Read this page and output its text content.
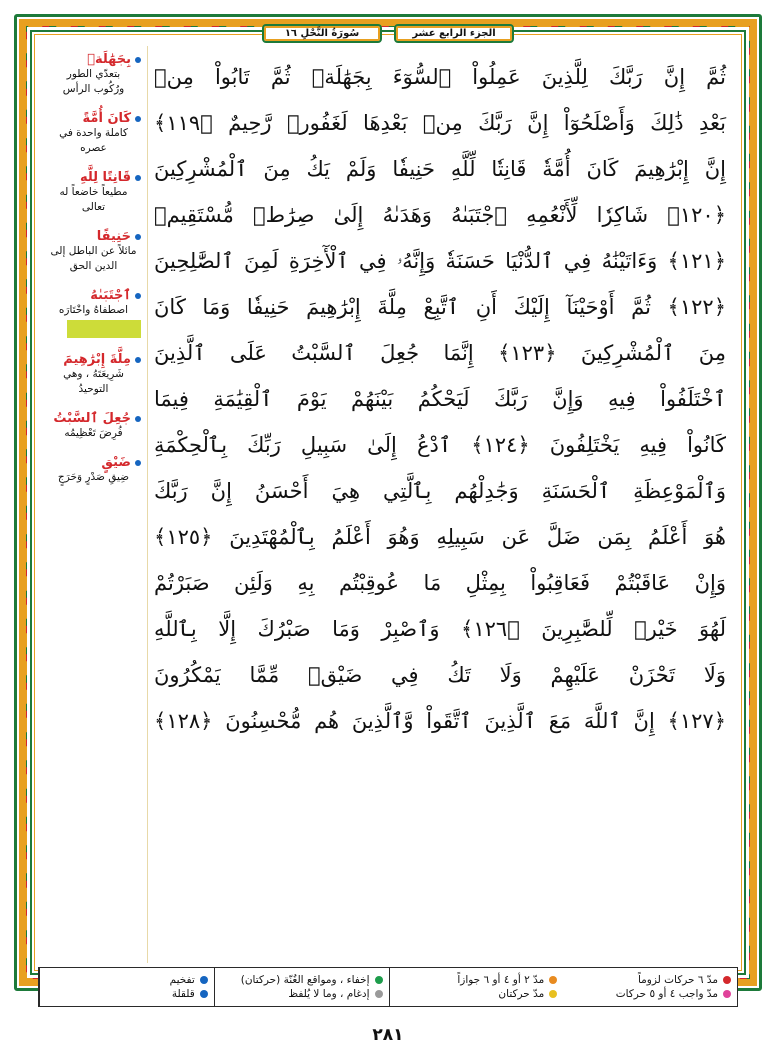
الجزء الرابع عشر
سُورَةُ النَّحْلِ ١٦
ثُمَّ إِنَّ رَبَّكَ لِلَّذِينَ عَمِلُواْ ٱلسُّوٓءَ بِجَهَٰلَةٖ ثُمَّ تَابُواْ مِنۢ
بَعْدِ ذَٰلِكَ وَأَصْلَحُوٓاْ إِنَّ رَبَّكَ مِنۢ بَعْدِهَا لَغَفُورٞ رَّحِيمٌ ﴿١١٩﴾
إِنَّ إِبْرَٰهِيمَ كَانَ أُمَّةٗ قَانِتٗا لِّلَّهِ حَنِيفٗا وَلَمْ يَكُ مِنَ ٱلْمُشْرِكِينَ
﴿١٢٠﴾ شَاكِرٗا لِّأَنْعُمِهِ ٱجْتَبَىٰهُ وَهَدَىٰهُ إِلَىٰ صِرَٰطٖ مُّسْتَقِيمٖ
﴿١٢١﴾ وَءَاتَيْنَٰهُ فِي ٱلدُّنْيَا حَسَنَةٗ وَإِنَّهُۥ فِي ٱلْأٓخِرَةِ لَمِنَ ٱلصَّٰلِحِينَ
﴿١٢٢﴾ ثُمَّ أَوْحَيْنَآ إِلَيْكَ أَنِ ٱتَّبِعْ مِلَّةَ إِبْرَٰهِيمَ حَنِيفٗا وَمَا كَانَ
مِنَ ٱلْمُشْرِكِينَ ﴿١٢٣﴾ إِنَّمَا جُعِلَ ٱلسَّبْتُ عَلَى ٱلَّذِينَ
ٱخْتَلَفُواْ فِيهِ وَإِنَّ رَبَّكَ لَيَحْكُمُ بَيْنَهُمْ يَوْمَ ٱلْقِيَٰمَةِ فِيمَا
كَانُواْ فِيهِ يَخْتَلِفُونَ ﴿١٢٤﴾ ٱدْعُ إِلَىٰ سَبِيلِ رَبِّكَ بِٱلْحِكْمَةِ
وَٱلْمَوْعِظَةِ ٱلْحَسَنَةِ وَجَٰدِلْهُم بِٱلَّتِي هِيَ أَحْسَنُ إِنَّ رَبَّكَ
هُوَ أَعْلَمُ بِمَن ضَلَّ عَن سَبِيلِهِ وَهُوَ أَعْلَمُ بِٱلْمُهْتَدِينَ ﴿١٢٥﴾
وَإِنْ عَاقَبْتُمْ فَعَاقِبُواْ بِمِثْلِ مَا عُوقِبْتُم بِهِ وَلَئِن صَبَرْتُمْ
لَهُوَ خَيْرٞ لِّلصَّٰبِرِينَ ﴿١٢٦﴾ وَٱصْبِرْ وَمَا صَبْرُكَ إِلَّا بِٱللَّهِ
وَلَا تَحْزَنْ عَلَيْهِمْ وَلَا تَكُ فِي ضَيْقٖ مِّمَّا يَمْكُرُونَ
﴿١٢٧﴾ إِنَّ ٱللَّهَ مَعَ ٱلَّذِينَ ٱتَّقَواْ وَّٱلَّذِينَ هُم مُّحْسِنُونَ ﴿١٢٨﴾
بِجَهَٰلَةٖ
بتعدّي الطور ورُكُوب الرأس
كَانَ أُمَّةً
كاملة واحدة في عصره
قَانِتًا لِلَّهِ
مطيعاً خاضعاً له تعالى
حَنِيفًا
مائلاً عن الباطل إلى الدين الحق
ٱجْتَبَىٰهُ
اصطفاهُ واخْتَارَه
مِلَّةَ إِبْرَٰهِيمَ
شَرِيعَتَهُ ، وهي التوحيدُ
جُعِلَ ٱلسَّبْتُ
فُرِضَ تَعْظِيمُه
ضَيْقٍ
ضِيقِ صَدْرٍ وَحَرَجٍ
مدّ ٦ حركات لزوماً
مدّ واجب ٤ أو ٥ حركات
مدّ ٢ أو ٤ أو ٦ جوازاً
مدّ حركتان
إخفاء ، ومواقع الغُنّة (حركتان)
إدغام ، وما لا يُلفظ
تفخيم
قلقلة
٢٨١
